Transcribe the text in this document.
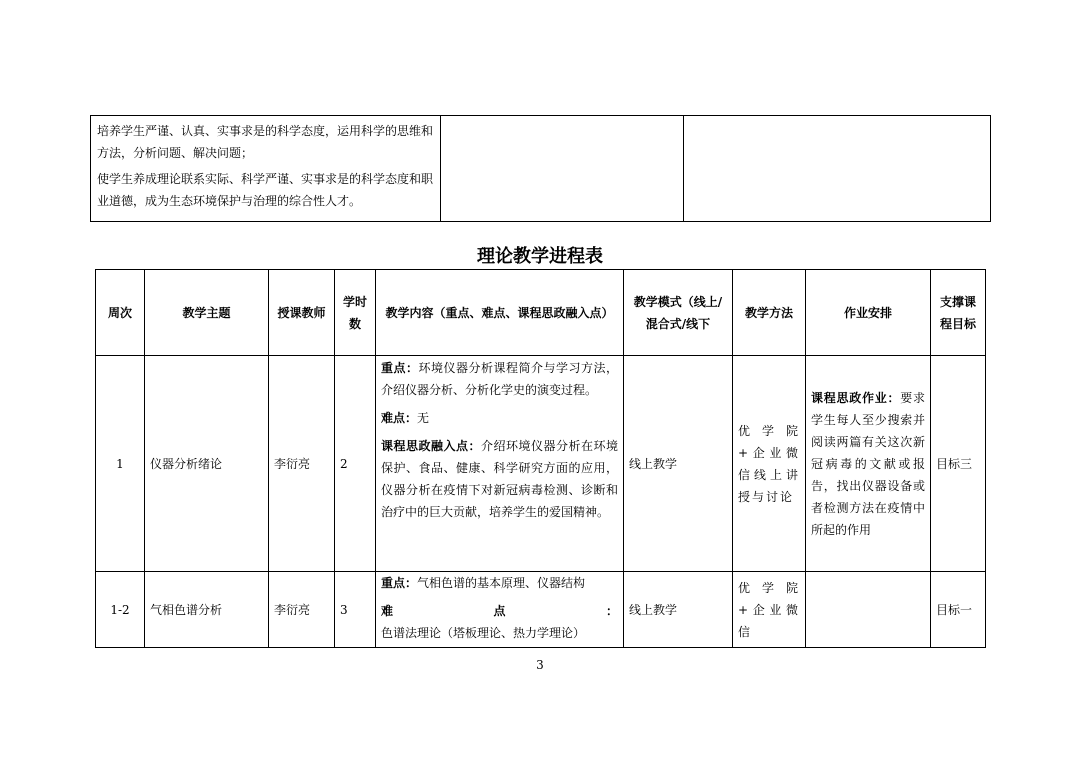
培养学生严谨、认真、实事求是的科学态度，运用科学的思维和方法，分析问题、解决问题；

使学生养成理论联系实际、科学严谨、实事求是的科学态度和职业道德，成为生态环境保护与治理的综合性人才。

理论教学进程表
周次	教学主题	授课教师	学时数	教学内容（重点、难点、课程思政融入点）	教学模式（线上/混合式/线下	教学方法	作业安排	支撑课程目标
1	仪器分析绪论	李衍亮	2	重点：环境仪器分析课程简介与学习方法，介绍仪器分析、分析化学史的演变过程。

难点：无

课程思政融入点：介绍环境仪器分析在环境保护、食品、健康、科学研究方面的应用，仪器分析在疫情下对新冠病毒检测、诊断和治疗中的巨大贡献，培养学生的爱国精神。	线上教学	优学院+企业微信线上讲授与讨论	课程思政作业：要求学生每人至少搜索并阅读两篇有关这次新冠病毒的文献或报告，找出仪器设备或者检测方法在疫情中所起的作用	目标三
1-2	气相色谱分析	李衍亮	3	重点：气相色谱的基本原理、仪器结构

难点：色谱法理论（塔板理论、热力学理论）	线上教学	优学院+企业微信		目标一
3
